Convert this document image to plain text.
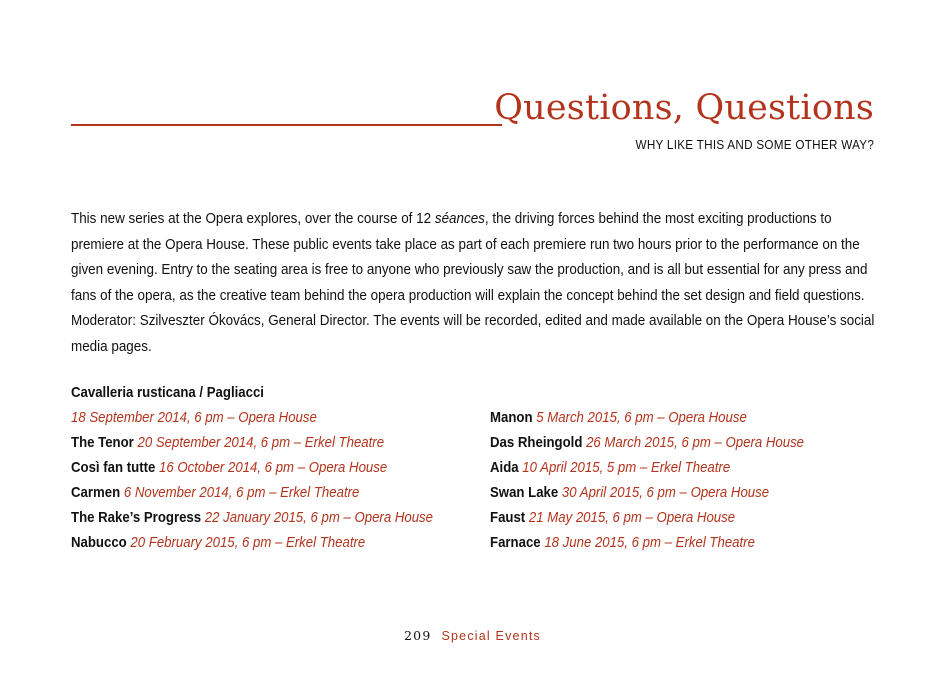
Questions, Questions
WHY LIKE THIS AND SOME OTHER WAY?
This new series at the Opera explores, over the course of 12 séances, the driving forces behind the most exciting productions to premiere at the Opera House. These public events take place as part of each premiere run two hours prior to the performance on the given evening. Entry to the seating area is free to anyone who previously saw the production, and is all but essential for any press and fans of the opera, as the creative team behind the opera production will explain the concept behind the set design and field questions. Moderator: Szilveszter Ókovács, General Director. The events will be recorded, edited and made available on the Opera House’s social media pages.
Cavalleria rusticana / Pagliacci
18 September 2014, 6 pm – Opera House
The Tenor 20 September 2014, 6 pm – Erkel Theatre
Così fan tutte 16 October 2014, 6 pm – Opera House
Carmen 6 November 2014, 6 pm – Erkel Theatre
The Rake’s Progress 22 January 2015, 6 pm – Opera House
Nabucco 20 February 2015, 6 pm – Erkel Theatre
Manon 5 March 2015, 6 pm – Opera House
Das Rheingold 26 March 2015, 6 pm – Opera House
Aida 10 April 2015, 5 pm – Erkel Theatre
Swan Lake 30 April 2015, 6 pm – Opera House
Faust 21 May 2015, 6 pm – Opera House
Farnace 18 June 2015, 6 pm – Erkel Theatre
209 Special Events
